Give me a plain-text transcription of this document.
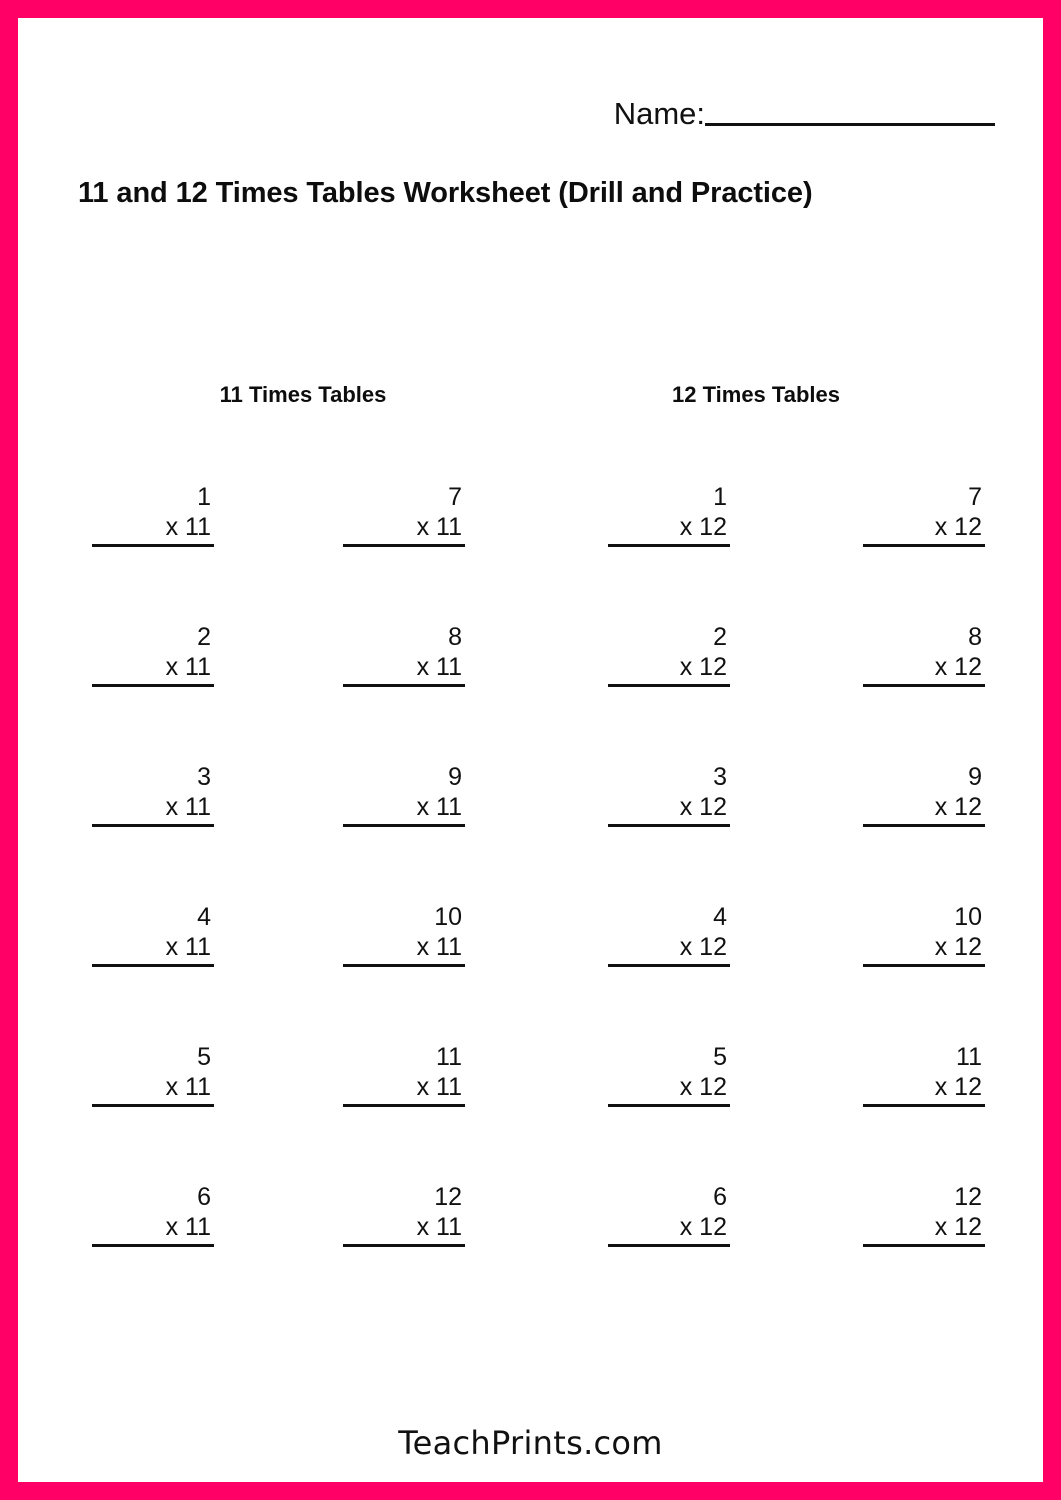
Name:
11 and 12 Times Tables Worksheet (Drill and Practice)
11 Times Tables	12 Times Tables
1
x 11
7
x 11
1
x 12
7
x 12
2
x 11
8
x 11
2
x 12
8
x 12
3
x 11
9
x 11
3
x 12
9
x 12
4
x 11
10
x 11
4
x 12
10
x 12
5
x 11
11
x 11
5
x 12
11
x 12
6
x 11
12
x 11
6
x 12
12
x 12
TeachPrints.com
